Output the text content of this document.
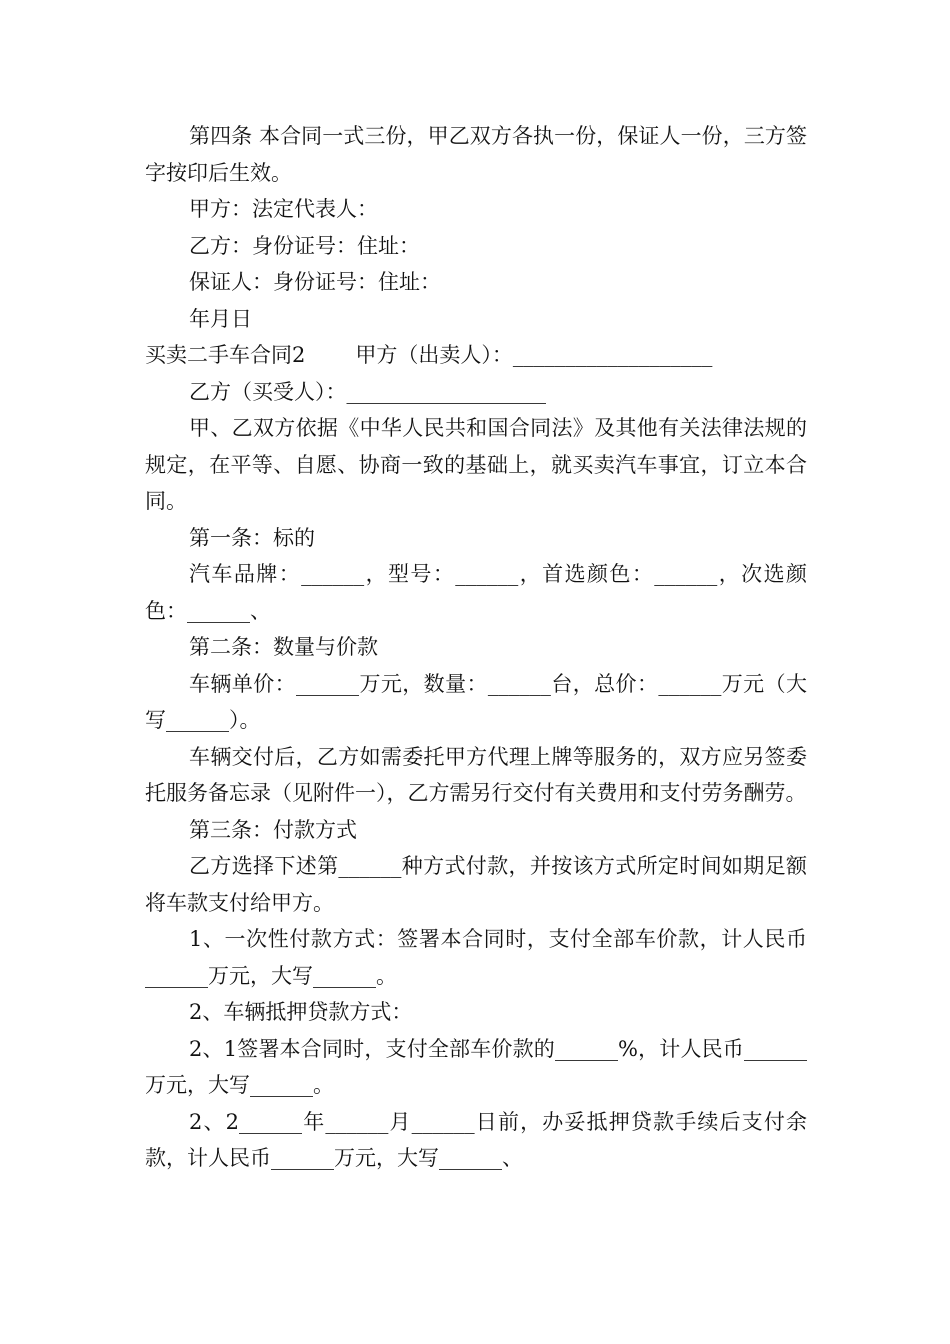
第四条 本合同一式三份，甲乙双方各执一份，保证人一份，三方签字按印后生效。

甲方：法定代表人：

乙方：身份证号：住址：

保证人：身份证号：住址：

年月日

买卖二手车合同2 甲方（出卖人）：___________________

乙方（买受人）：___________________

甲、乙双方依据《中华人民共和国合同法》及其他有关法律法规的规定，在平等、自愿、协商一致的基础上，就买卖汽车事宜，订立本合同。

第一条：标的

汽车品牌：______，型号：______，首选颜色：______，次选颜色：______、

第二条：数量与价款

车辆单价：______万元，数量：______台，总价：______万元（大写______）。

车辆交付后，乙方如需委托甲方代理上牌等服务的，双方应另签委托服务备忘录（见附件一），乙方需另行交付有关费用和支付劳务酬劳。

第三条：付款方式

乙方选择下述第______种方式付款，并按该方式所定时间如期足额将车款支付给甲方。

1、一次性付款方式：签署本合同时，支付全部车价款，计人民币______万元，大写______。

2、车辆抵押贷款方式：

2、1签署本合同时，支付全部车价款的______%，计人民币______万元，大写______。

2、2______年______月______日前，办妥抵押贷款手续后支付余款，计人民币______万元，大写______、
